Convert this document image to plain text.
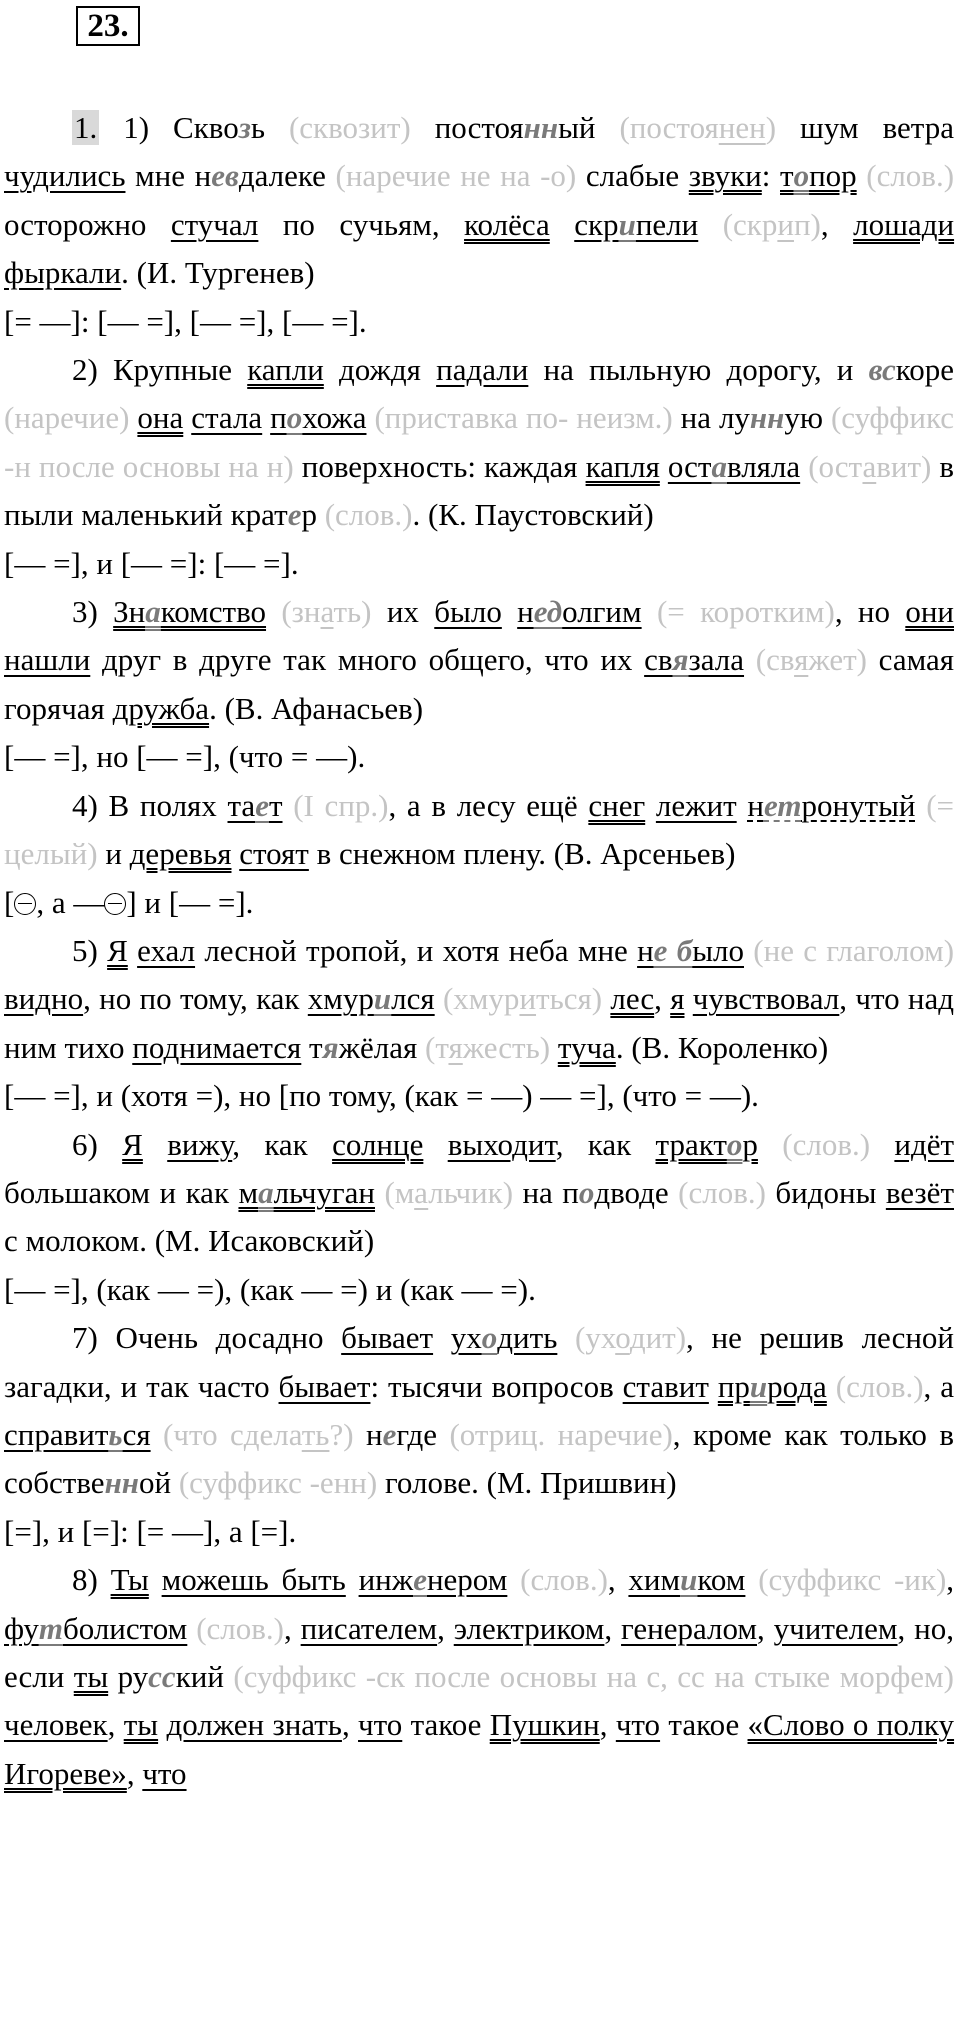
23.

1. 1) Сквозь (сквозит) постоянный (постоянен) шум ветра чудились мне невдалеке (наречие не на -о) слабые звуки: топор (слов.) осторожно стучал по сучьям, колёса скрипели (скрип), лошади фыркали. (И. Тургенев)

[= —]: [— =], [— =], [— =].

2) Крупные капли дождя падали на пыльную дорогу, и вскоре (наречие) она стала похожа (приставка по- неизм.) на лунную (суффикс -н после основы на н) поверхность: каждая капля оставляла (оставит) в пыли маленький кратер (слов.). (К. Паустовский)

[— =], и [— =]: [— =].

3) Знакомство (знать) их было недолгим (= коротким), но они нашли друг в друге так много общего, что их связала (свяжет) самая горячая дружба. (В. Афанасьев)

[— =], но [— =], (что = —).

4) В полях тает (I спр.), а в лесу ещё снег лежит нетронутый (= целый) и деревья стоят в снежном плену. (В. Арсеньев)

[ , а — ] и [— =].

5) Я ехал лесной тропой, и хотя неба мне не было (не с глаголом) видно, но по тому, как хмурился (хмуриться) лес, я чувствовал, что над ним тихо поднимается тяжёлая (тяжесть) туча. (В. Короленко)

[— =], и (хотя =), но [по тому, (как = —) — =], (что = —).

6) Я вижу, как солнце выходит, как трактор (слов.) идёт большаком и как мальчуган (мальчик) на подводе (слов.) бидоны везёт с молоком. (М. Исаковский)

[— =], (как — =), (как — =) и (как — =).

7) Очень досадно бывает уходить (уходит), не решив лесной загадки, и так часто бывает: тысячи вопросов ставит природа (слов.), а справиться (что сделать?) негде (отриц. наречие), кроме как только в собственной (суффикс -енн) голове. (М. Пришвин)

[=], и [=]: [= —], а [=].

8) Ты можешь быть инженером (слов.), химиком (суффикс -ик), футболистом (слов.), писателем, электриком, генералом, учителем, но, если ты русский (суффикс -ск после основы на с, сс на стыке морфем) человек, ты должен знать, что такое Пушкин, что такое «Слово о полку Игореве», что
